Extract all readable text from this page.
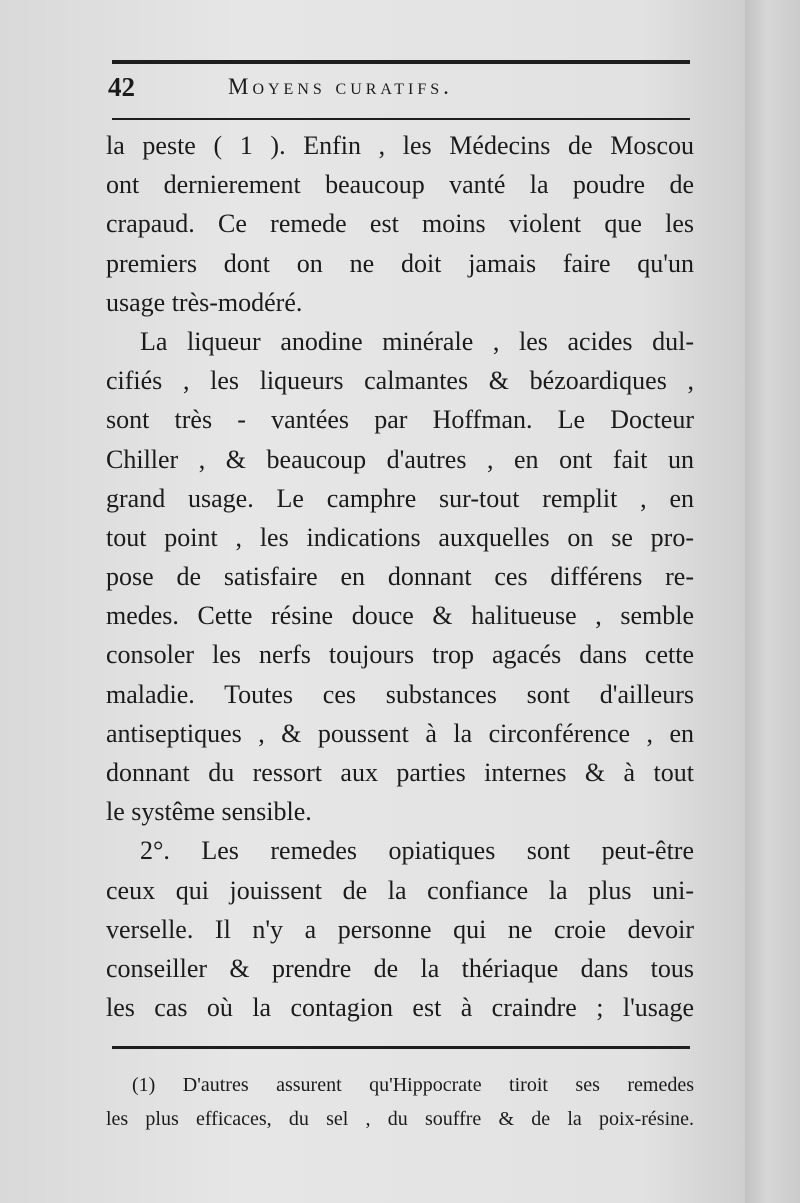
42	Moyens curatifs.
la peste ( 1 ). Enfin , les Médecins de Moscou
ont dernierement beaucoup vanté la poudre de
crapaud. Ce remede est moins violent que les
premiers dont on ne doit jamais faire qu'un
usage très-modéré.
La liqueur anodine minérale , les acides dul-
cifiés , les liqueurs calmantes & bézoardiques ,
sont très - vantées par Hoffman. Le Docteur
Chiller , & beaucoup d'autres , en ont fait un
grand usage. Le camphre sur-tout remplit , en
tout point , les indications auxquelles on se pro-
pose de satisfaire en donnant ces différens re-
medes. Cette résine douce & halitueuse , semble
consoler les nerfs toujours trop agacés dans cette
maladie. Toutes ces substances sont d'ailleurs
antiseptiques , & poussent à la circonférence , en
donnant du ressort aux parties internes & à tout
le systême sensible.
2°. Les remedes opiatiques sont peut-être
ceux qui jouissent de la confiance la plus uni-
verselle. Il n'y a personne qui ne croie devoir
conseiller & prendre de la thériaque dans tous
les cas où la contagion est à craindre ; l'usage
(1) D'autres assurent qu'Hippocrate tiroit ses remedes
les plus efficaces, du sel , du souffre & de la poix-résine.
